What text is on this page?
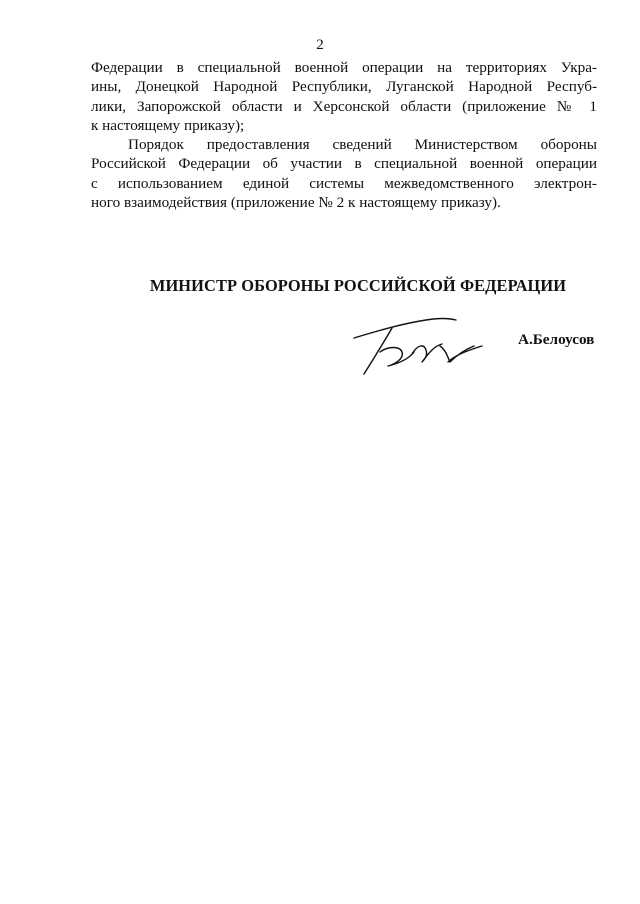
2
Федерации в специальной военной операции на территориях Укра-
ины, Донецкой Народной Республики, Луганской Народной Респуб-
лики, Запорожской области и Херсонской области (приложение № 1
к настоящему приказу);
Порядок предоставления сведений Министерством обороны
Российской Федерации об участии в специальной военной операции
с использованием единой системы межведомственного электрон-
ного взаимодействия (приложение № 2 к настоящему приказу).
МИНИСТР ОБОРОНЫ РОССИЙСКОЙ ФЕДЕРАЦИИ
А.Белоусов
